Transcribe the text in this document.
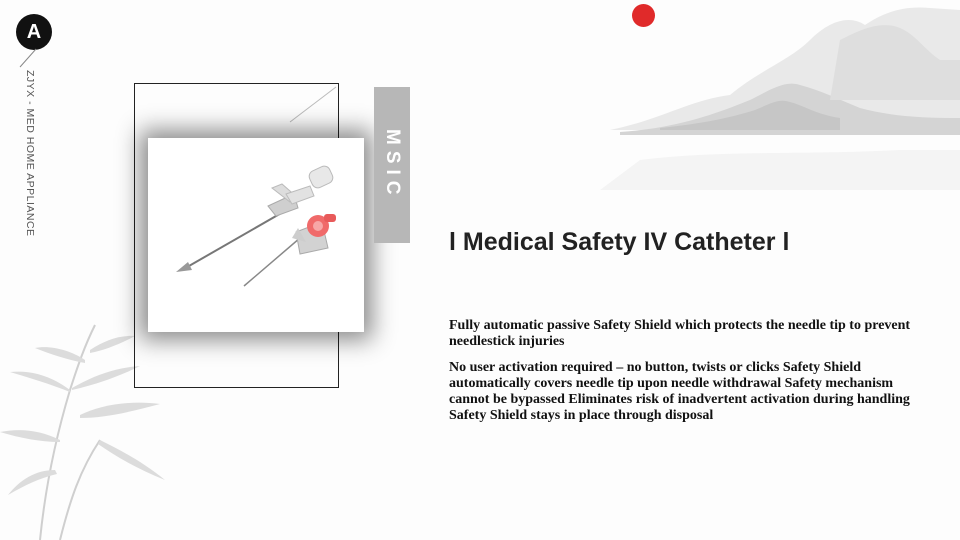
A
ZJYX - MED HOME APPLIANCE	MSIC
l Medical Safety IV Catheter l

Fully automatic passive Safety Shield which protects the needle tip to prevent needlestick injuries

No user activation required – no button, twists or clicks Safety Shield automatically covers needle tip upon needle withdrawal Safety mechanism cannot be bypassed Eliminates risk of inadvertent activation during handling Safety Shield stays in place through disposal
